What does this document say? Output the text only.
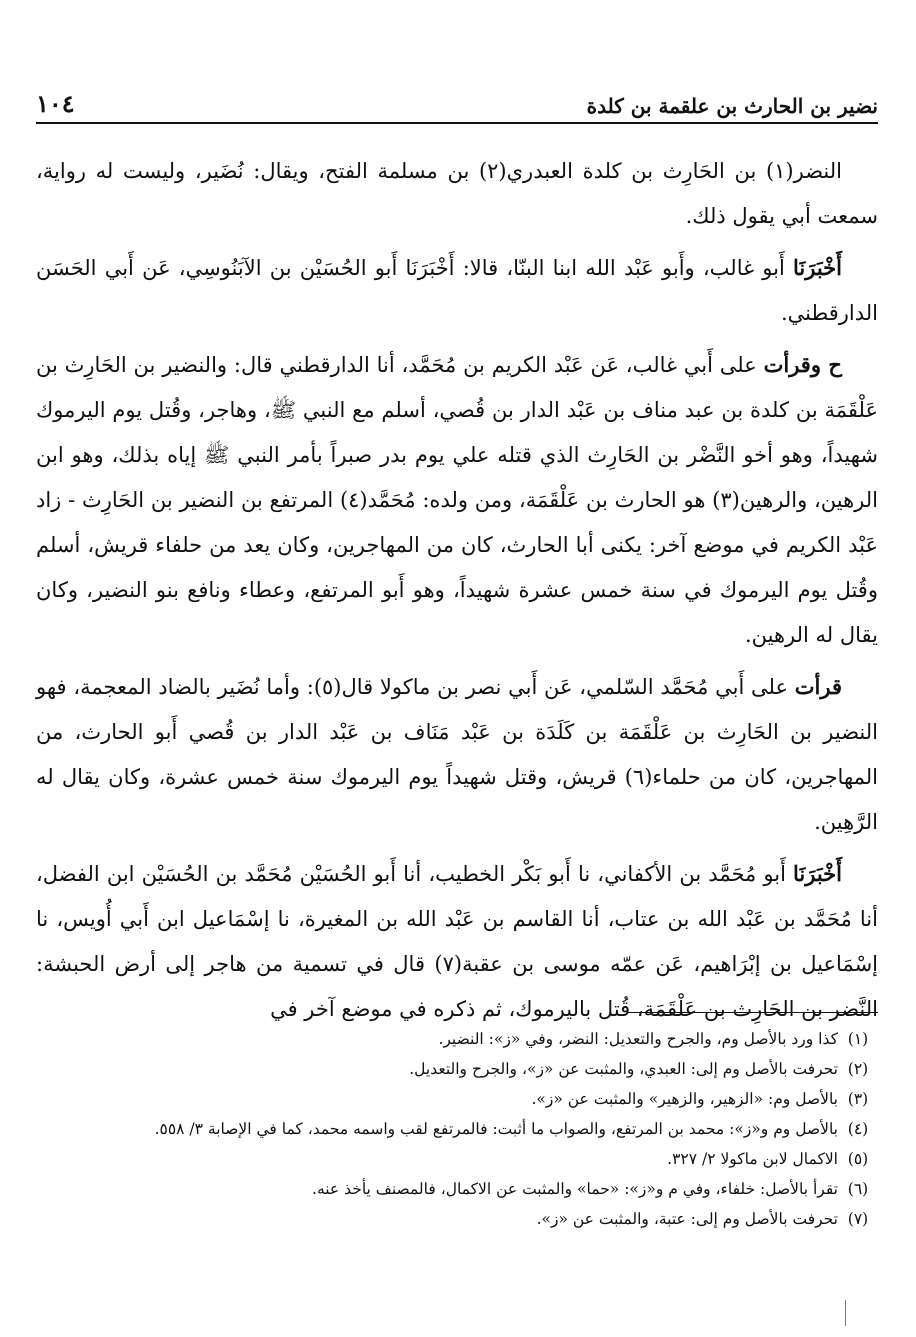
نضير بن الحارث بن علقمة بن كلدة
١٠٤

النضر(١) بن الحَارِث بن كلدة العبدري(٢) بن مسلمة الفتح، ويقال: نُضَير، وليست له رواية، سمعت أبي يقول ذلك.

أَخْبَرَنَا أَبو غالب، وأَبو عَبْد الله ابنا البنّا، قالا: أَخْبَرَنَا أَبو الحُسَيْن بن الآبَنُوسِي، عَن أَبي الحَسَن الدارقطني.

ح وقرأت على أَبي غالب، عَن عَبْد الكريم بن مُحَمَّد، أنا الدارقطني قال: والنضير بن الحَارِث بن عَلْقَمَة بن كلدة بن عبد مناف بن عَبْد الدار بن قُصي، أسلم مع النبي ﷺ، وهاجر، وقُتل يوم اليرموك شهيداً، وهو أخو النَّضْر بن الحَارِث الذي قتله علي يوم بدر صبراً بأمر النبي ﷺ إياه بذلك، وهو ابن الرهين، والرهين(٣) هو الحارث بن عَلْقَمَة، ومن ولده: مُحَمَّد(٤) المرتفع بن النضير بن الحَارِث - زاد عَبْد الكريم في موضع آخر: يكنى أبا الحارث، كان من المهاجرين، وكان يعد من حلفاء قريش، أسلم وقُتل يوم اليرموك في سنة خمس عشرة شهيداً، وهو أَبو المرتفع، وعطاء ونافع بنو النضير، وكان يقال له الرهين.

قرأت على أَبي مُحَمَّد السّلمي، عَن أَبي نصر بن ماكولا قال(٥): وأما نُضَير بالضاد المعجمة، فهو النضير بن الحَارِث بن عَلْقَمَة بن كَلَدَة بن عَبْد مَنَاف بن عَبْد الدار بن قُصي أَبو الحارث، من المهاجرين، كان من حلماء(٦) قريش، وقتل شهيداً يوم اليرموك سنة خمس عشرة، وكان يقال له الرَّهِين.

أَخْبَرَنَا أَبو مُحَمَّد بن الأكفاني، نا أَبو بَكْر الخطيب، أنا أَبو الحُسَيْن مُحَمَّد بن الحُسَيْن ابن الفضل، أنا مُحَمَّد بن عَبْد الله بن عتاب، أنا القاسم بن عَبْد الله بن المغيرة، نا إسْمَاعيل ابن أَبي أُويس، نا إسْمَاعيل بن إبْرَاهيم، عَن عمّه موسى بن عقبة(٧) قال في تسمية من هاجر إلى أرض الحبشة: النَّضر بن الحَارِث بن عَلْقَمَة، قُتل باليرموك، ثم ذكره في موضع آخر في

(١)
كذا ورد بالأصل وم، والجرح والتعديل: النضر، وفي «ز»: النضير.
(٢)
تحرفت بالأصل وم إلى: العبدي، والمثبت عن «ز»، والجرح والتعديل.
(٣)
بالأصل وم: «الزهير، والزهير» والمثبت عن «ز».
(٤)
بالأصل وم و«ز»: محمد بن المرتفع، والصواب ما أثبت: فالمرتفع لقب واسمه محمد، كما في الإصابة ٣/ ٥٥٨.
(٥)
الاكمال لابن ماكولا ٢/ ٣٢٧.
(٦)
تقرأ بالأصل: خلفاء، وفي م و«ز»: «حما» والمثبت عن الاكمال، فالمصنف يأخذ عنه.
(٧)
تحرفت بالأصل وم إلى: عتبة، والمثبت عن «ز».
